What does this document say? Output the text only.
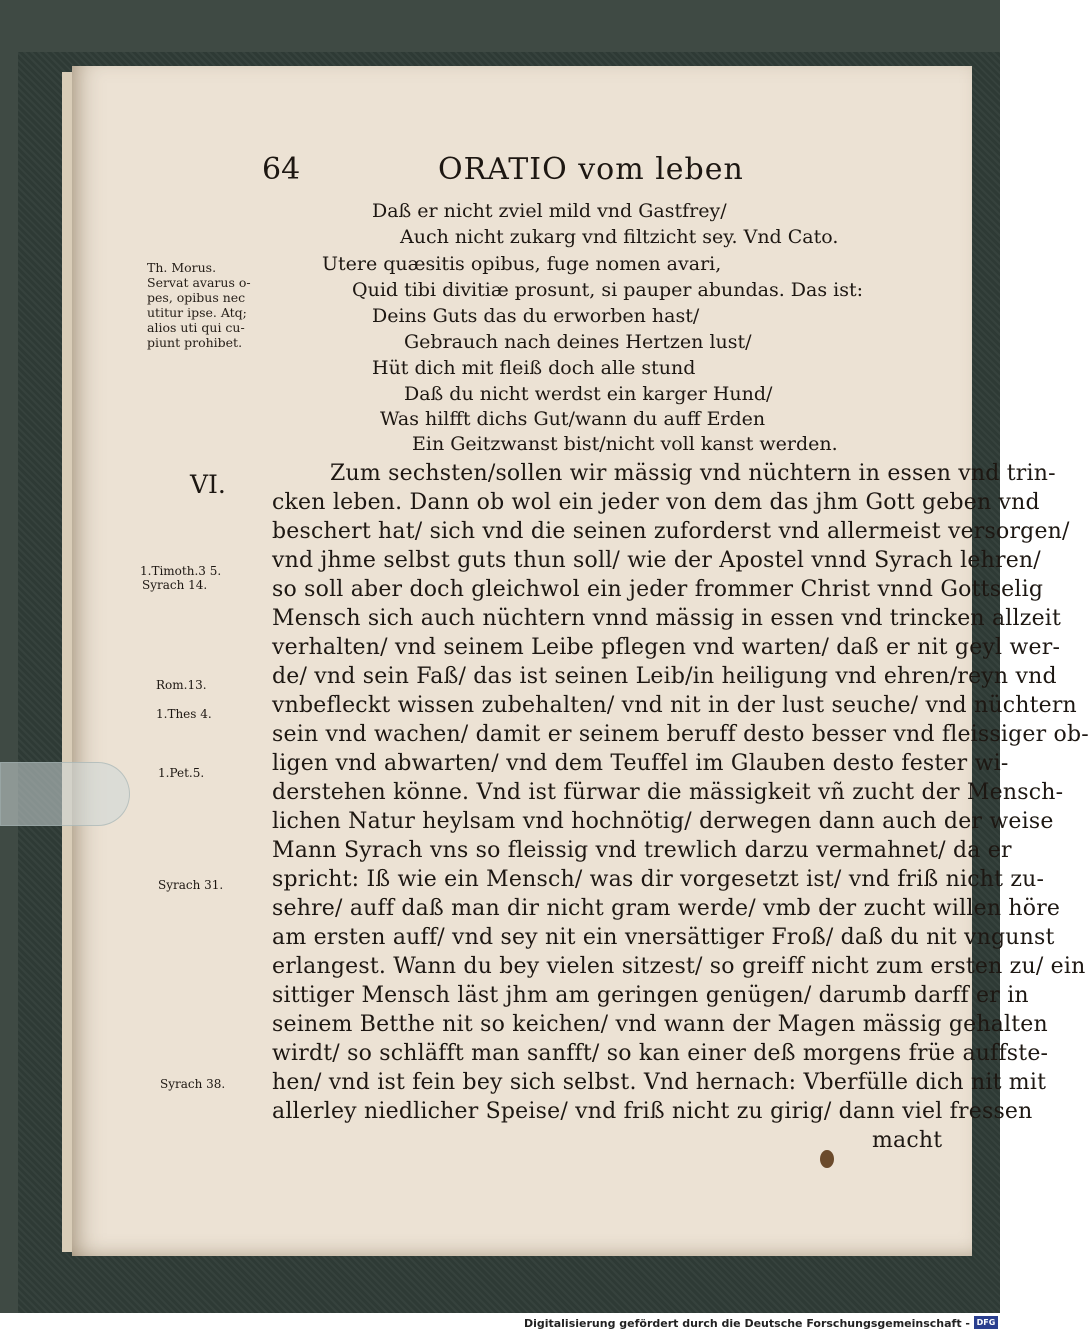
64	ORATIO vom leben
Daß er nicht zviel mild vnd Gastfrey/
Auch nicht zukarg vnd filtzicht sey. Vnd Cato.
Utere quæsitis opibus, fuge nomen avari,
Quid tibi divitiæ prosunt, si pauper abundas. Das ist:
Deins Guts das du erworben hast/
Gebrauch nach deines Hertzen lust/
Hüt dich mit fleiß doch alle stund
Daß du nicht werdst ein karger Hund/
Was hilfft dichs Gut/wann du auff Erden
Ein Geitzwanst bist/nicht voll kanst werden.
Th. Morus.
Servat avarus o-
pes, opibus nec
utitur ipse. Atq;
alios uti qui cu-
piunt prohibet.
VI.	Zum sechsten/sollen wir mässig vnd nüchtern in essen vnd trin-
cken leben. Dann ob wol ein jeder von dem das jhm Gott geben vnd
beschert hat/ sich vnd die seinen zuforderst vnd allermeist versorgen/
vnd jhme selbst guts thun soll/ wie der Apostel vnnd Syrach lehren/
so soll aber doch gleichwol ein jeder frommer Christ vnnd Gottselig
Mensch sich auch nüchtern vnnd mässig in essen vnd trincken allzeit
verhalten/ vnd seinem Leibe pflegen vnd warten/ daß er nit geyl wer-
de/ vnd sein Faß/ das ist seinen Leib/in heiligung vnd ehren/reyn vnd
vnbefleckt wissen zubehalten/ vnd nit in der lust seuche/ vnd nüchtern
sein vnd wachen/ damit er seinem beruff desto besser vnd fleissiger ob-
ligen vnd abwarten/ vnd dem Teuffel im Glauben desto fester wi-
derstehen könne. Vnd ist fürwar die mässigkeit vñ zucht der Mensch-
lichen Natur heylsam vnd hochnötig/ derwegen dann auch der weise
Mann Syrach vns so fleissig vnd trewlich darzu vermahnet/ da er
spricht: Iß wie ein Mensch/ was dir vorgesetzt ist/ vnd friß nicht zu-
sehre/ auff daß man dir nicht gram werde/ vmb der zucht willen höre
am ersten auff/ vnd sey nit ein vnersättiger Froß/ daß du nit vngunst
erlangest. Wann du bey vielen sitzest/ so greiff nicht zum ersten zu/ ein
sittiger Mensch läst jhm am geringen genügen/ darumb darff er in
seinem Betthe nit so keichen/ vnd wann der Magen mässig gehalten
wirdt/ so schläfft man sanfft/ so kan einer deß morgens früe auffste-
hen/ vnd ist fein bey sich selbst. Vnd hernach: Vberfülle dich nit mit
allerley niedlicher Speise/ vnd friß nicht zu girig/ dann viel fressen
macht
1.Timoth.3 5.
Syrach 14.
Rom.13.
1.Thes 4.
1.Pet.5.
Syrach 31.
Syrach 38.
Digitalisierung gefördert durch die Deutsche Forschungsgemeinschaft - DFG
